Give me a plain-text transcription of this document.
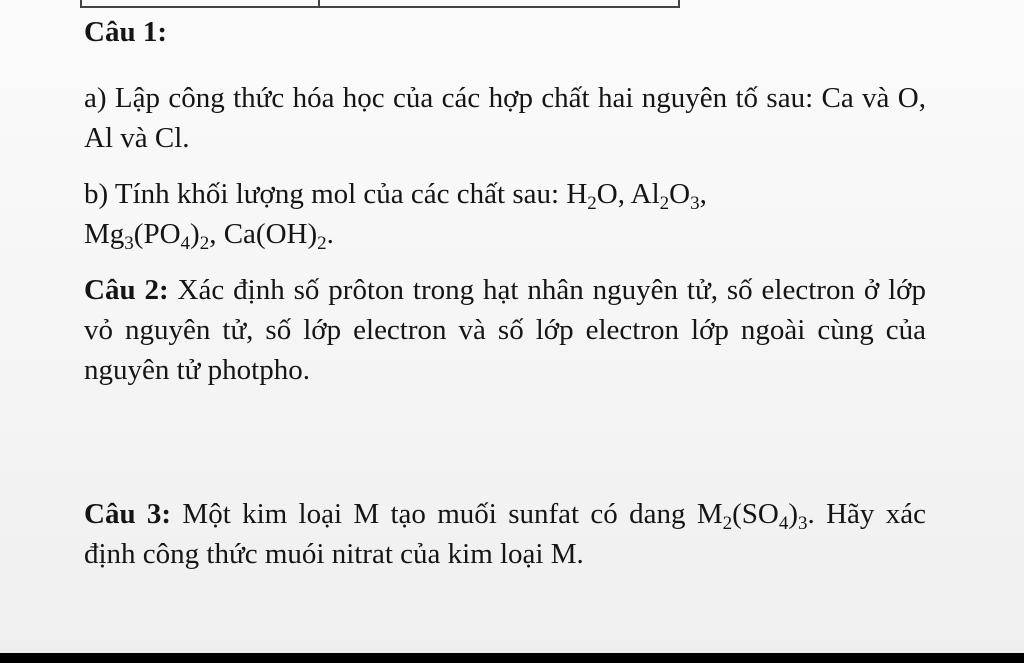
Câu 1:

a) Lập công thức hóa học của các hợp chất hai nguyên tố sau: Ca và O, Al và Cl.

b) Tính khối lượng mol của các chất sau: $H_2O$, $Al_2O_3$,
$Mg_3(PO_4)_2$, $Ca(OH)_2$.

Câu 2: Xác định số prôton trong hạt nhân nguyên tử, số electron ở lớp vỏ nguyên tử, số lớp electron và số lớp electron lớp ngoài cùng của nguyên tử photpho.

Câu 3: Một kim loại M tạo muối sunfat có dang $M_2(SO_4)_3$. Hãy xác định công thức muói nitrat của kim loại M.
